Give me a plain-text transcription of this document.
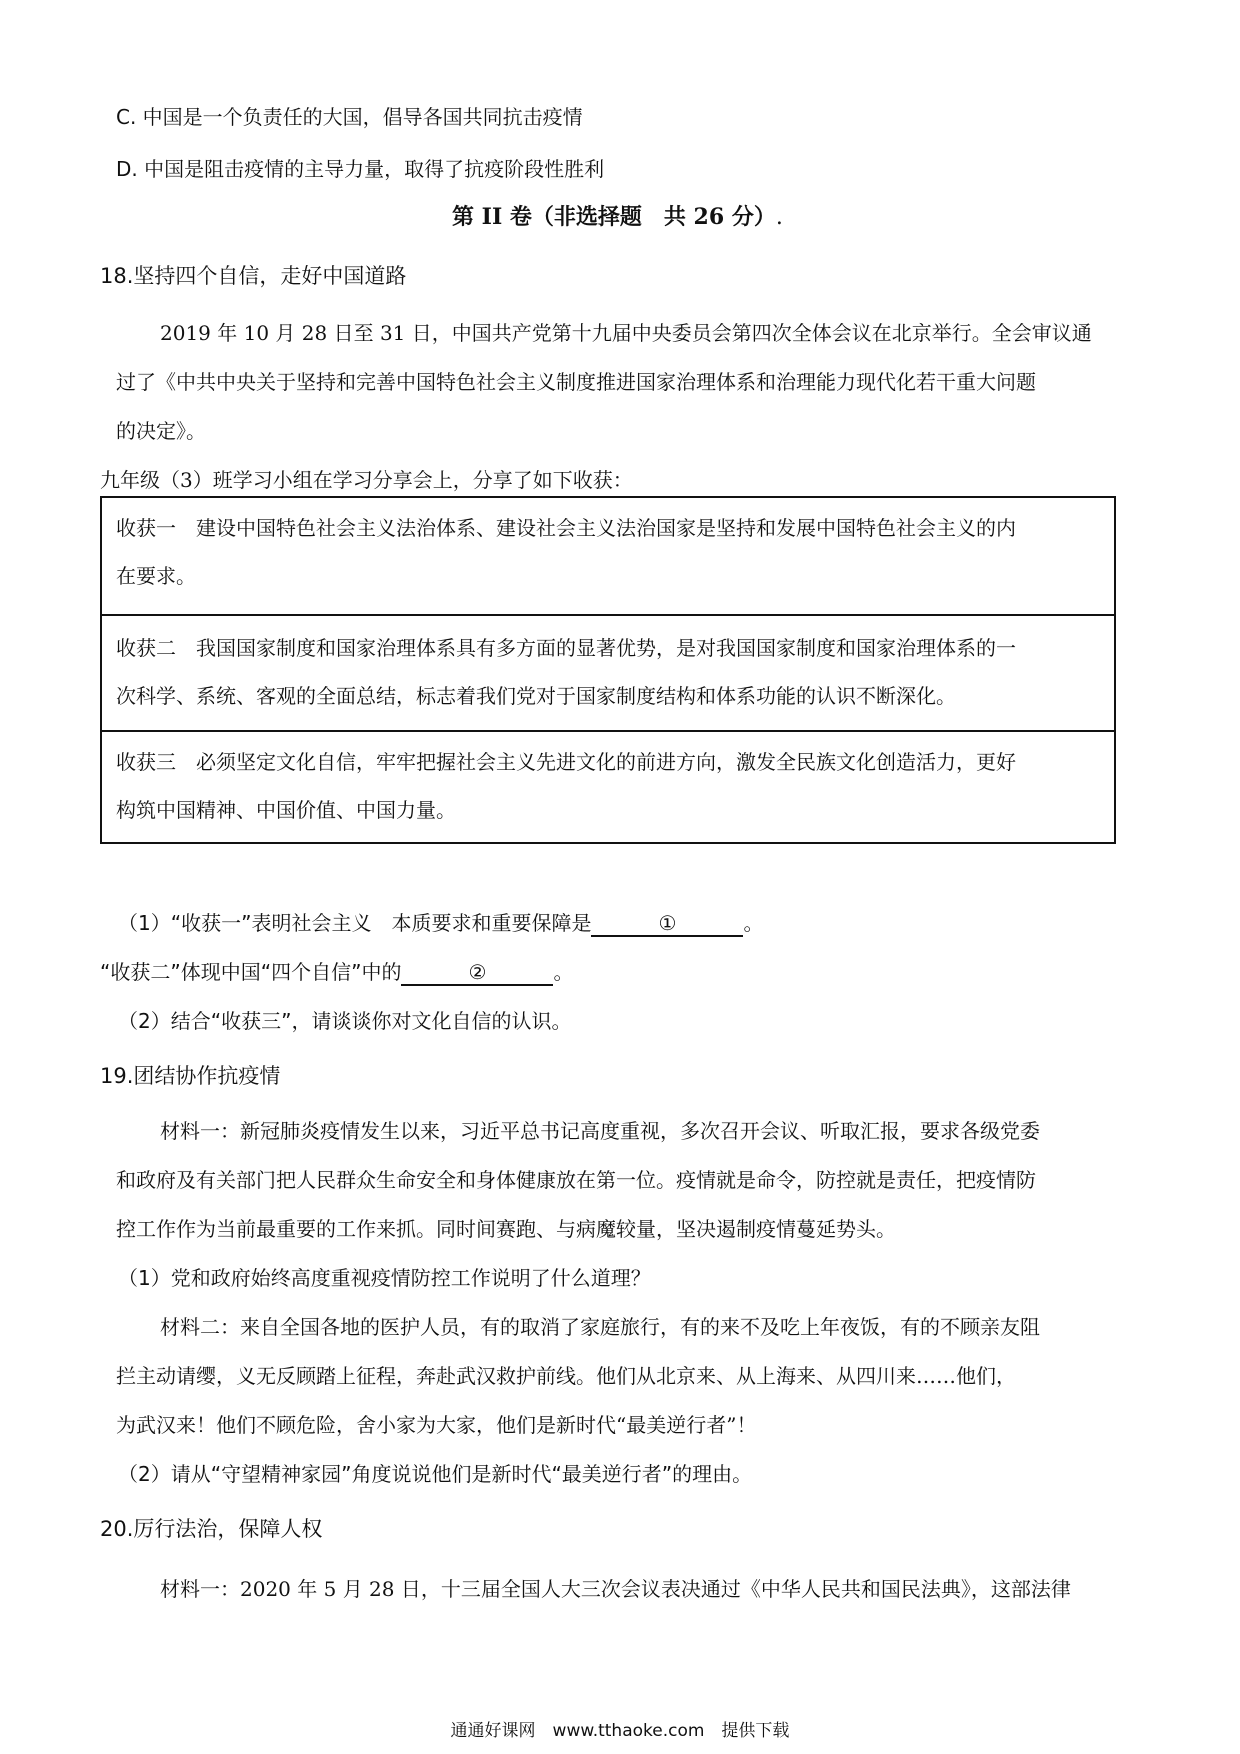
C. 中国是一个负责任的大国，倡导各国共同抗击疫情
D. 中国是阻击疫情的主导力量，取得了抗疫阶段性胜利
第 II 卷（非选择题　共 26 分）.
18.坚持四个自信，走好中国道路
2019 年 10 月 28 日至 31 日，中国共产党第十九届中央委员会第四次全体会议在北京举行。全会审议通
过了《中共中央关于坚持和完善中国特色社会主义制度推进国家治理体系和治理能力现代化若干重大问题
的决定》。
九年级（3）班学习小组在学习分享会上，分享了如下收获：
收获一　建设中国特色社会主义法治体系、建设社会主义法治国家是坚持和发展中国特色社会主义的内
在要求。
收获二　我国国家制度和国家治理体系具有多方面的显著优势，是对我国国家制度和国家治理体系的一
次科学、系统、客观的全面总结，标志着我们党对于国家制度结构和体系功能的认识不断深化。
收获三　必须坚定文化自信，牢牢把握社会主义先进文化的前进方向，激发全民族文化创造活力，更好
构筑中国精神、中国价值、中国力量。
（1）“收获一”表明社会主义　本质要求和重要保障是	①	。
“收获二”体现中国“四个自信”中的	②	。
（2）结合“收获三”，请谈谈你对文化自信的认识。
19.团结协作抗疫情
材料一：新冠肺炎疫情发生以来，习近平总书记高度重视，多次召开会议、听取汇报，要求各级党委
和政府及有关部门把人民群众生命安全和身体健康放在第一位。疫情就是命令，防控就是责任，把疫情防
控工作作为当前最重要的工作来抓。同时间赛跑、与病魔较量，坚决遏制疫情蔓延势头。
（1）党和政府始终高度重视疫情防控工作说明了什么道理？
材料二：来自全国各地的医护人员，有的取消了家庭旅行，有的来不及吃上年夜饭，有的不顾亲友阻
拦主动请缨，义无反顾踏上征程，奔赴武汉救护前线。他们从北京来、从上海来、从四川来……他们，
为武汉来！他们不顾危险，舍小家为大家，他们是新时代“最美逆行者”！
（2）请从“守望精神家园”角度说说他们是新时代“最美逆行者”的理由。
20.厉行法治，保障人权
材料一：2020 年 5 月 28 日，十三届全国人大三次会议表决通过《中华人民共和国民法典》，这部法律
通通好课网　www.tthaoke.com　提供下载
